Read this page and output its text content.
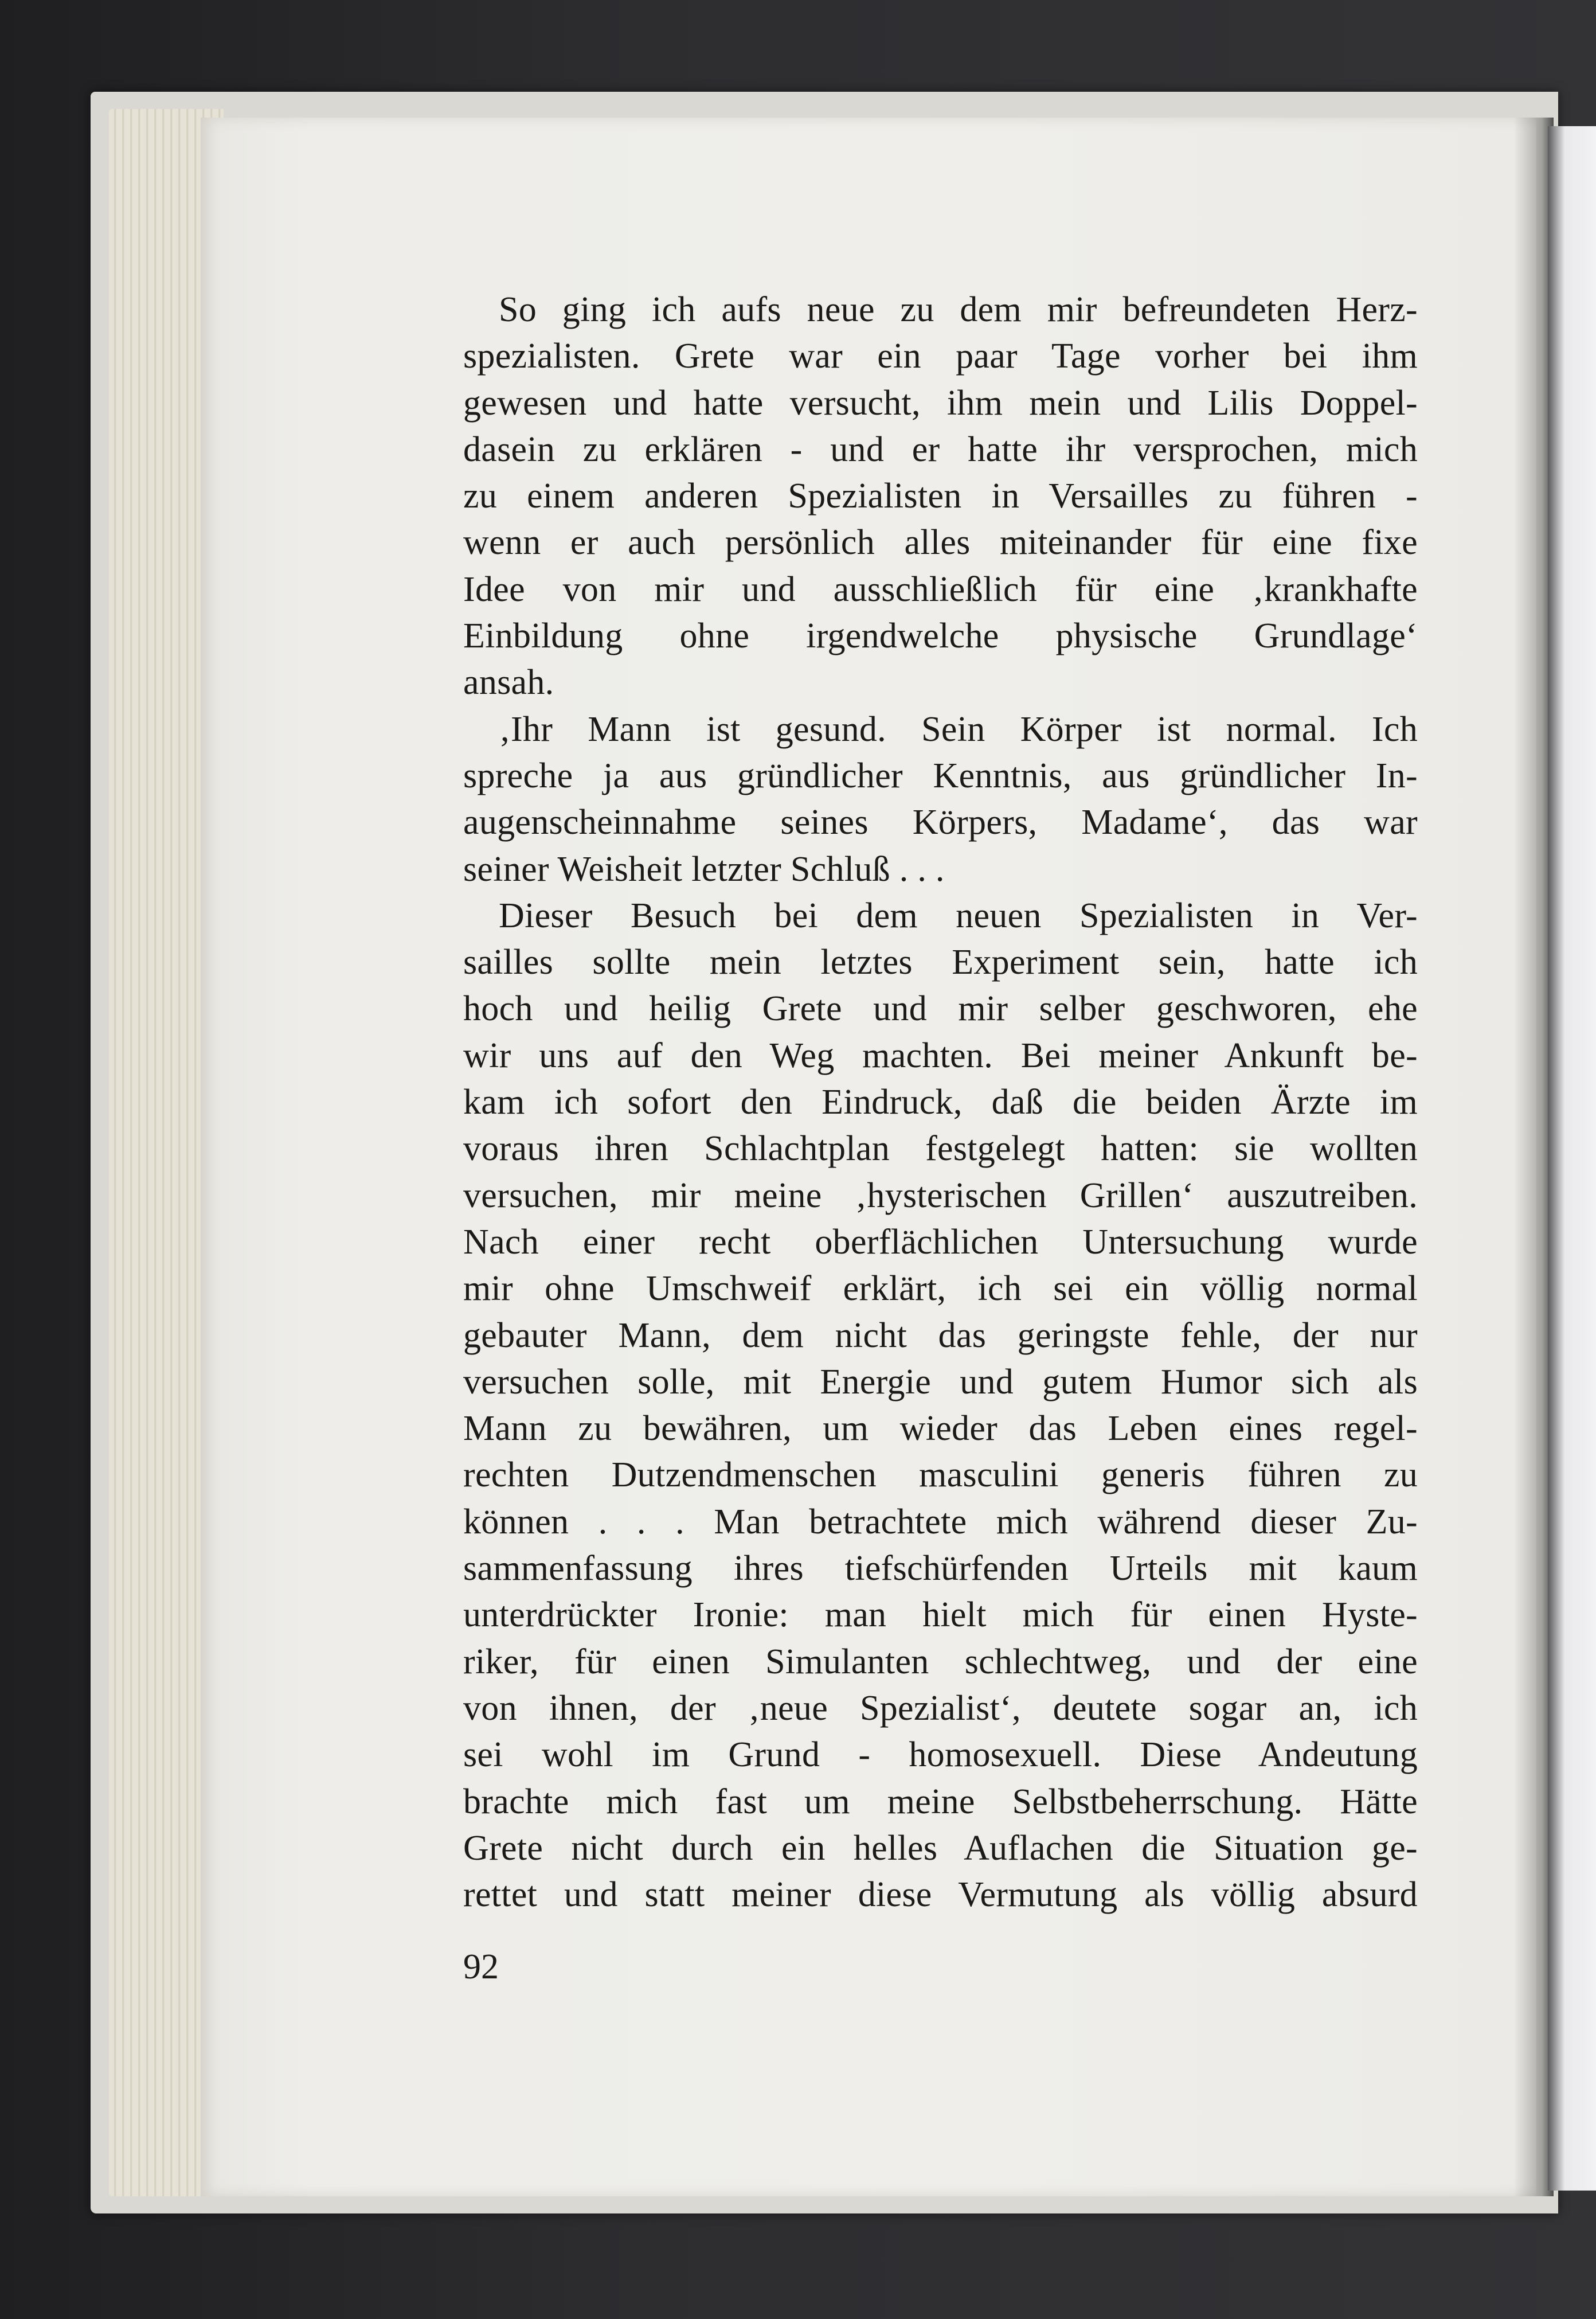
So ging ich aufs neue zu dem mir befreundeten Herz-
spezialisten. Grete war ein paar Tage vorher bei ihm
gewesen und hatte versucht, ihm mein und Lilis Doppel-
dasein zu erklären - und er hatte ihr versprochen, mich
zu einem anderen Spezialisten in Versailles zu führen -
wenn er auch persönlich alles miteinander für eine fixe
Idee von mir und ausschließlich für eine ‚krankhafte
Einbildung ohne irgendwelche physische Grundlage‘
ansah.
‚Ihr Mann ist gesund. Sein Körper ist normal. Ich
spreche ja aus gründlicher Kenntnis, aus gründlicher In-
augenscheinnahme seines Körpers, Madame‘, das war
seiner Weisheit letzter Schluß . . .
Dieser Besuch bei dem neuen Spezialisten in Ver-
sailles sollte mein letztes Experiment sein, hatte ich
hoch und heilig Grete und mir selber geschworen, ehe
wir uns auf den Weg machten. Bei meiner Ankunft be-
kam ich sofort den Eindruck, daß die beiden Ärzte im
voraus ihren Schlachtplan festgelegt hatten: sie wollten
versuchen, mir meine ‚hysterischen Grillen‘ auszutreiben.
Nach einer recht oberflächlichen Untersuchung wurde
mir ohne Umschweif erklärt, ich sei ein völlig normal
gebauter Mann, dem nicht das geringste fehle, der nur
versuchen solle, mit Energie und gutem Humor sich als
Mann zu bewähren, um wieder das Leben eines regel-
rechten Dutzendmenschen masculini generis führen zu
können . . . Man betrachtete mich während dieser Zu-
sammenfassung ihres tiefschürfenden Urteils mit kaum
unterdrückter Ironie: man hielt mich für einen Hyste-
riker, für einen Simulanten schlechtweg, und der eine
von ihnen, der ‚neue Spezialist‘, deutete sogar an, ich
sei wohl im Grund - homosexuell. Diese Andeutung
brachte mich fast um meine Selbstbeherrschung. Hätte
Grete nicht durch ein helles Auflachen die Situation ge-
rettet und statt meiner diese Vermutung als völlig absurd
92
